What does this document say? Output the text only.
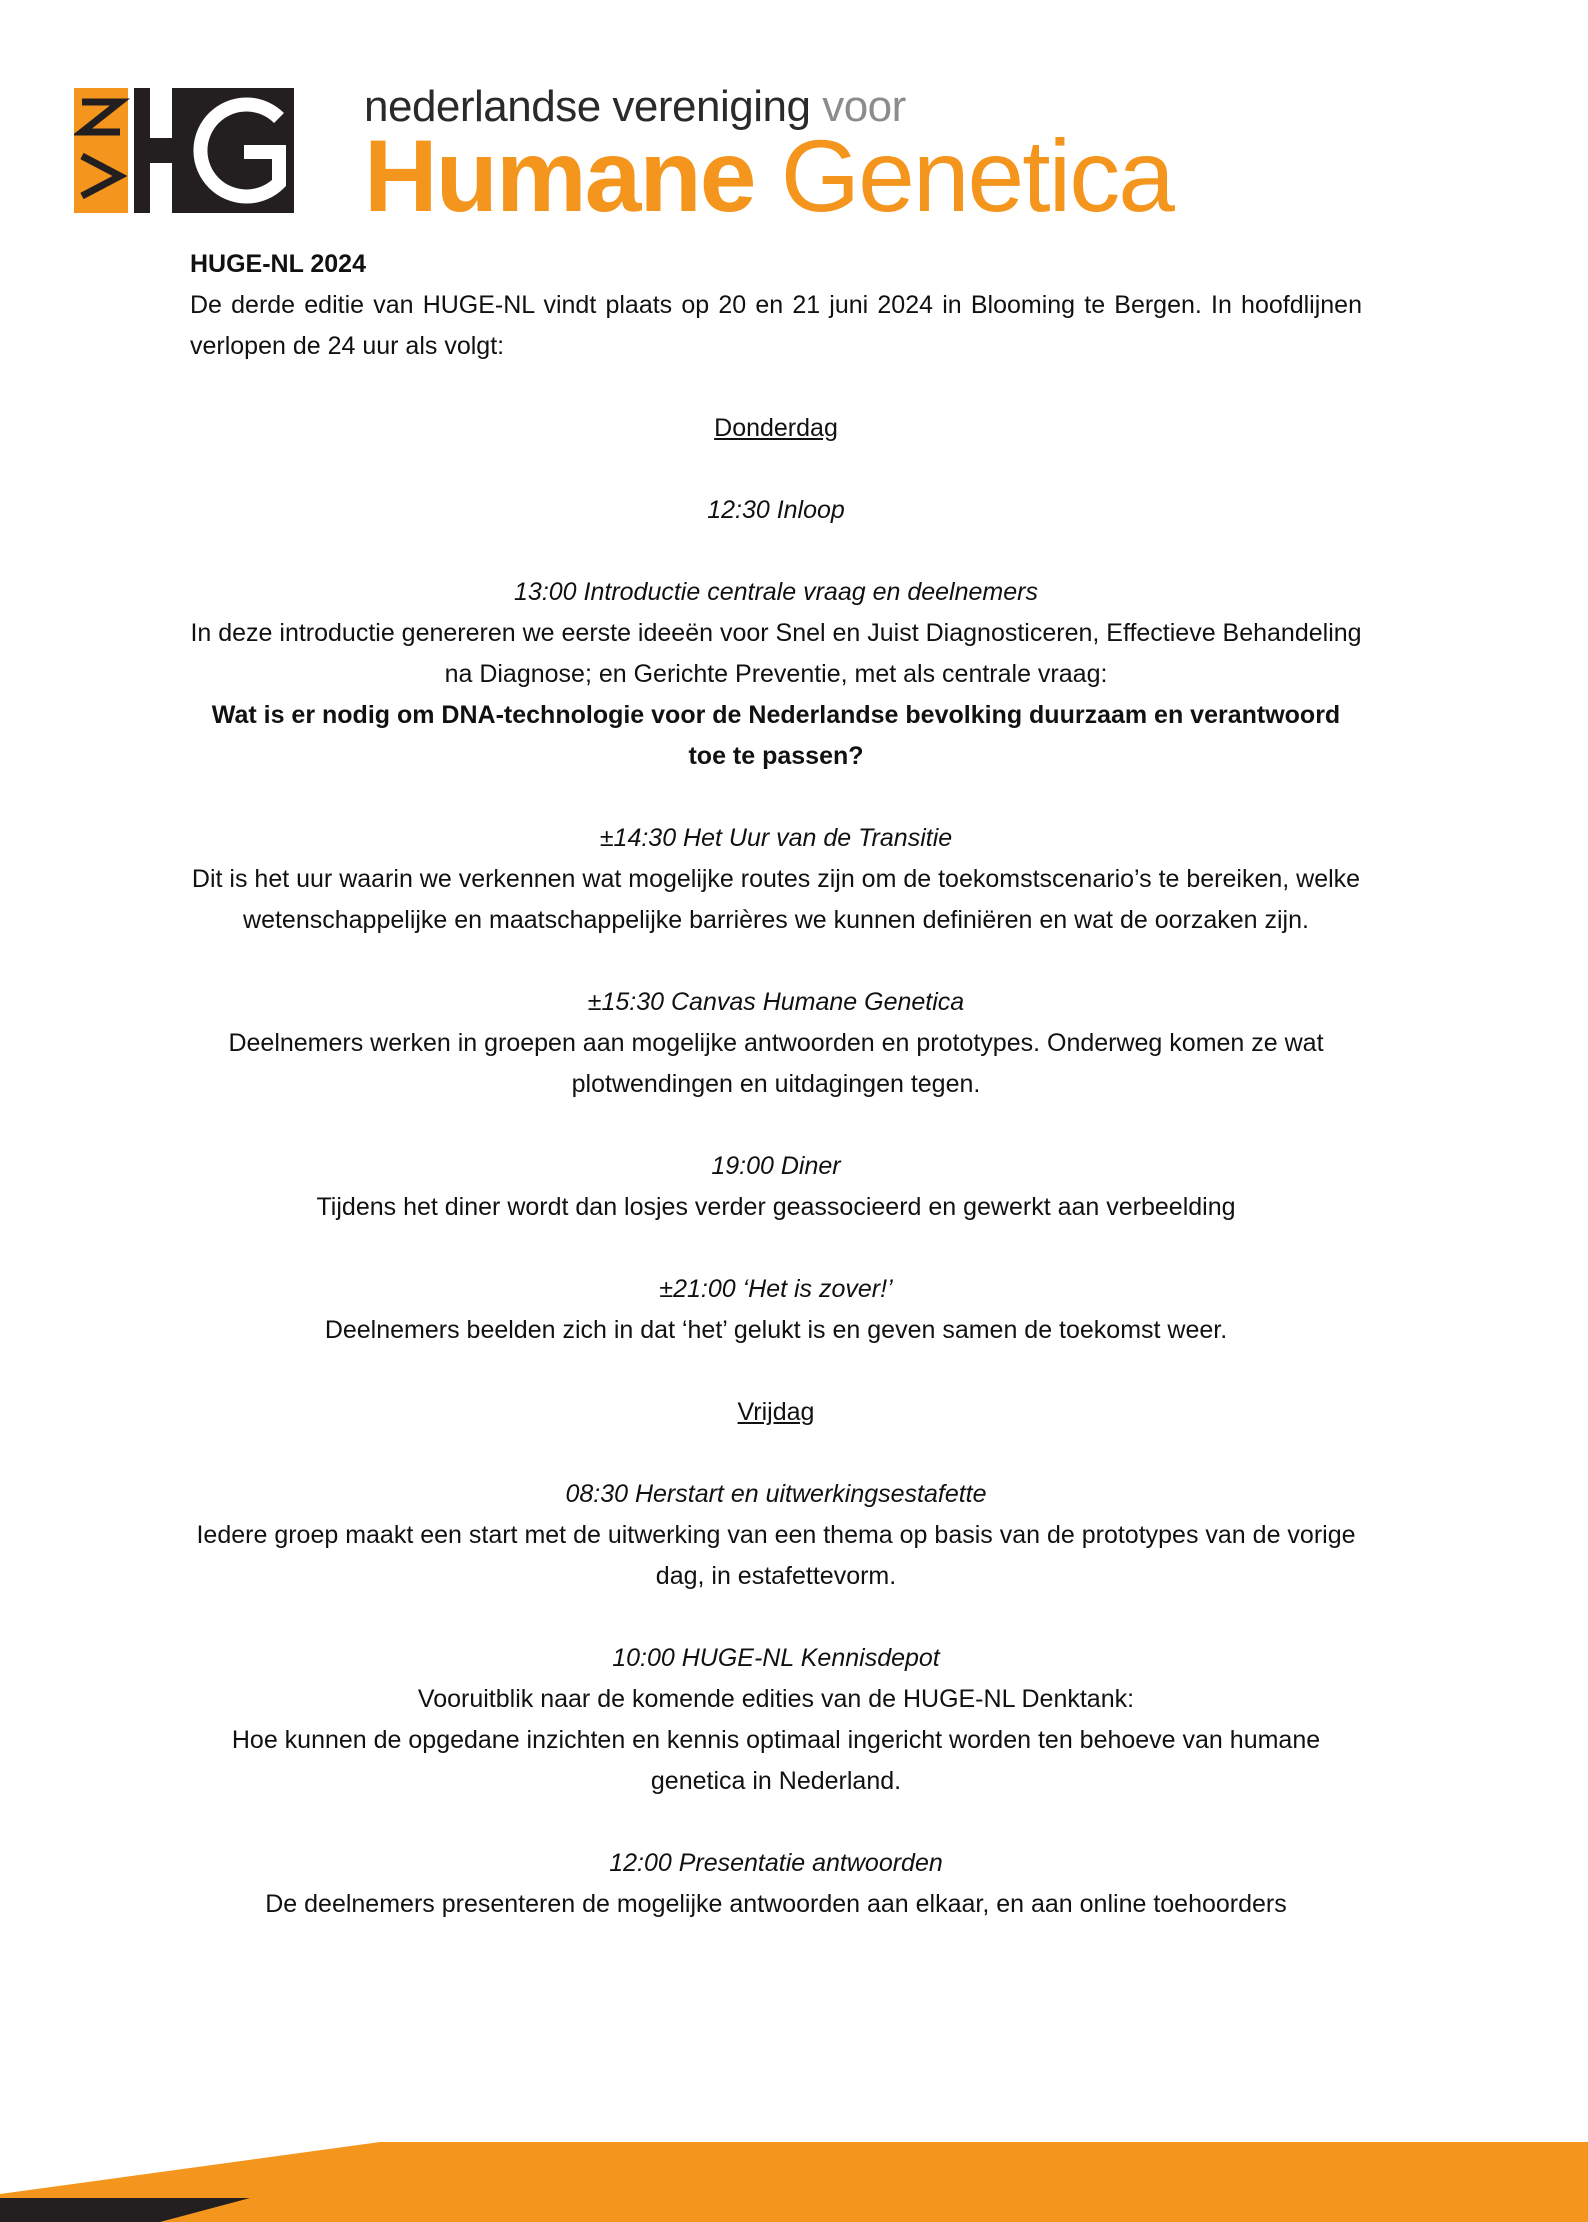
nederlandse vereniging voor
Humane Genetica

HUGE-NL 2024

De derde editie van HUGE-NL vindt plaats op 20 en 21 juni 2024 in Blooming te Bergen. In hoofdlijnen verlopen de 24 uur als volgt:

Donderdag

12:30 Inloop
13:00 Introductie centrale vraag en deelnemers
In deze introductie genereren we eerste ideeën voor Snel en Juist Diagnosticeren, Effectieve Behandeling na Diagnose; en Gerichte Preventie, met als centrale vraag:
Wat is er nodig om DNA-technologie voor de Nederlandse bevolking duurzaam en verantwoord toe te passen?
±14:30 Het Uur van de Transitie
Dit is het uur waarin we verkennen wat mogelijke routes zijn om de toekomstscenario’s te bereiken, welke wetenschappelijke en maatschappelijke barrières we kunnen definiëren en wat de oorzaken zijn.
±15:30 Canvas Humane Genetica
Deelnemers werken in groepen aan mogelijke antwoorden en prototypes. Onderweg komen ze wat plotwendingen en uitdagingen tegen.
19:00 Diner
Tijdens het diner wordt dan losjes verder geassocieerd en gewerkt aan verbeelding
±21:00 ‘Het is zover!’
Deelnemers beelden zich in dat ‘het’ gelukt is en geven samen de toekomst weer.

Vrijdag

08:30 Herstart en uitwerkingsestafette
Iedere groep maakt een start met de uitwerking van een thema op basis van de prototypes van de vorige dag, in estafettevorm.
10:00 HUGE-NL Kennisdepot
Vooruitblik naar de komende edities van de HUGE-NL Denktank:
Hoe kunnen de opgedane inzichten en kennis optimaal ingericht worden ten behoeve van humane genetica in Nederland.
12:00 Presentatie antwoorden
De deelnemers presenteren de mogelijke antwoorden aan elkaar, en aan online toehoorders
